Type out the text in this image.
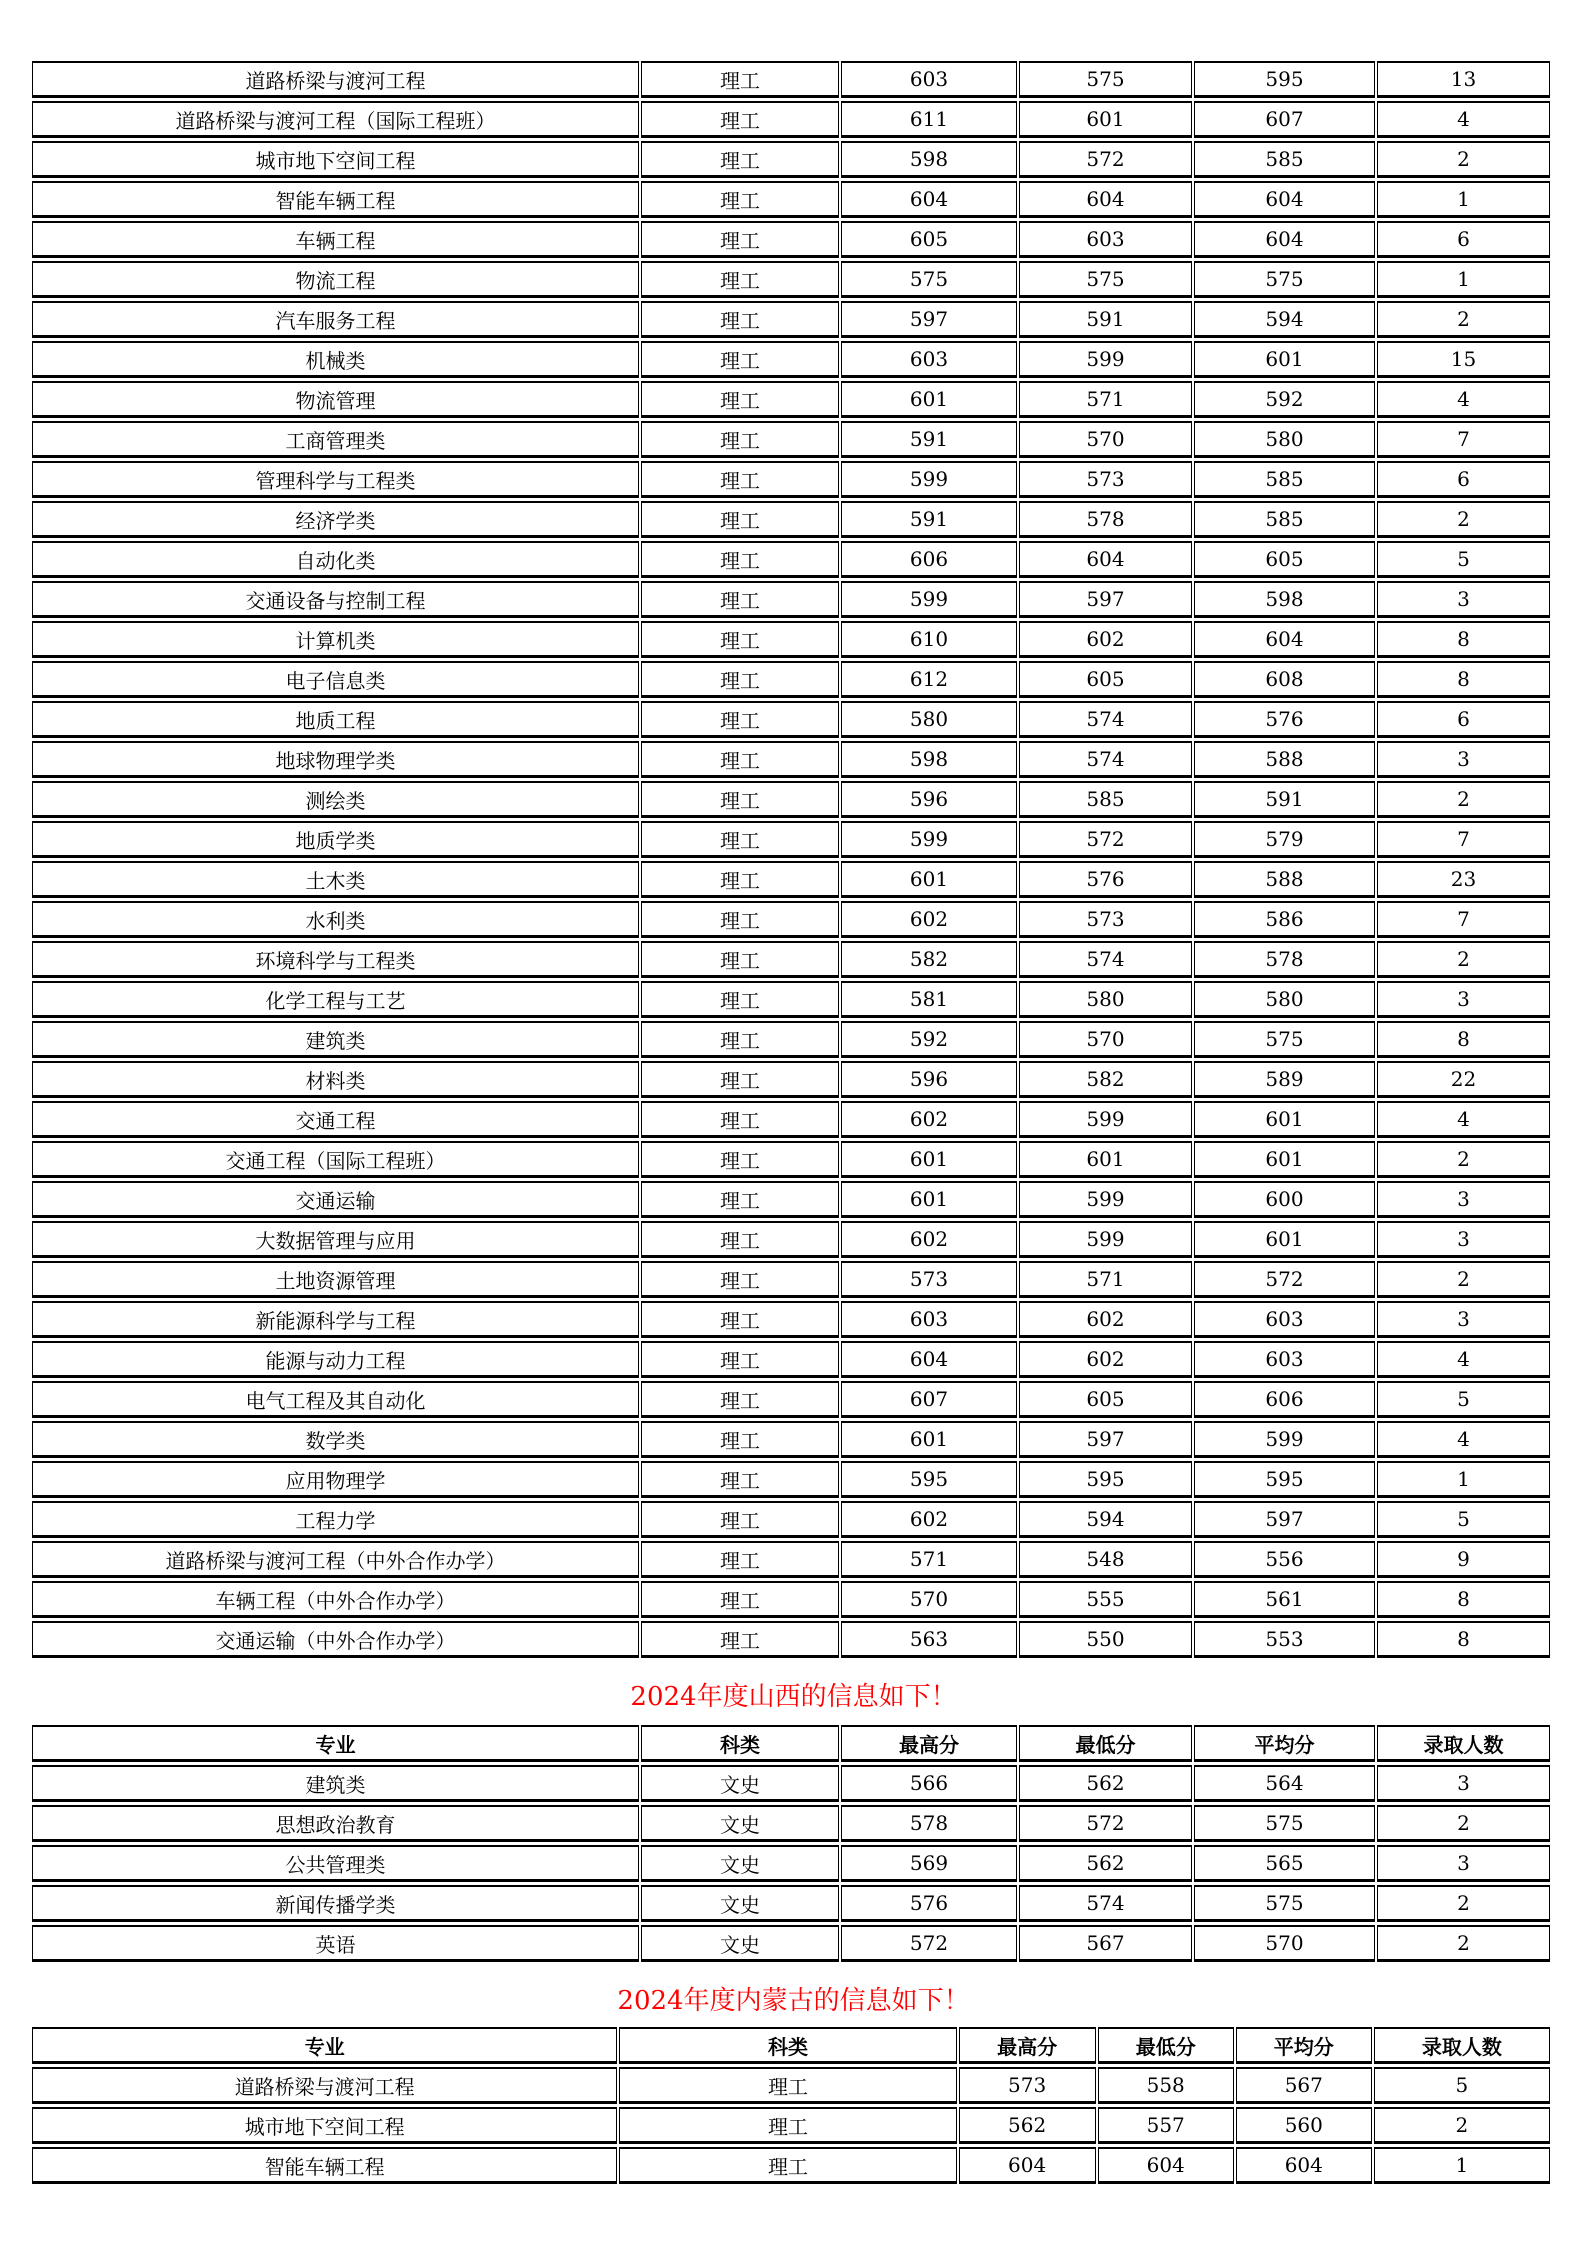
道路桥梁与渡河工程	理工	603	575	595	13
道路桥梁与渡河工程（国际工程班）	理工	611	601	607	4
城市地下空间工程	理工	598	572	585	2
智能车辆工程	理工	604	604	604	1
车辆工程	理工	605	603	604	6
物流工程	理工	575	575	575	1
汽车服务工程	理工	597	591	594	2
机械类	理工	603	599	601	15
物流管理	理工	601	571	592	4
工商管理类	理工	591	570	580	7
管理科学与工程类	理工	599	573	585	6
经济学类	理工	591	578	585	2
自动化类	理工	606	604	605	5
交通设备与控制工程	理工	599	597	598	3
计算机类	理工	610	602	604	8
电子信息类	理工	612	605	608	8
地质工程	理工	580	574	576	6
地球物理学类	理工	598	574	588	3
测绘类	理工	596	585	591	2
地质学类	理工	599	572	579	7
土木类	理工	601	576	588	23
水利类	理工	602	573	586	7
环境科学与工程类	理工	582	574	578	2
化学工程与工艺	理工	581	580	580	3
建筑类	理工	592	570	575	8
材料类	理工	596	582	589	22
交通工程	理工	602	599	601	4
交通工程（国际工程班）	理工	601	601	601	2
交通运输	理工	601	599	600	3
大数据管理与应用	理工	602	599	601	3
土地资源管理	理工	573	571	572	2
新能源科学与工程	理工	603	602	603	3
能源与动力工程	理工	604	602	603	4
电气工程及其自动化	理工	607	605	606	5
数学类	理工	601	597	599	4
应用物理学	理工	595	595	595	1
工程力学	理工	602	594	597	5
道路桥梁与渡河工程（中外合作办学）	理工	571	548	556	9
车辆工程（中外合作办学）	理工	570	555	561	8
交通运输（中外合作办学）	理工	563	550	553	8
2024年度山西的信息如下！
专业	科类	最高分	最低分	平均分	录取人数
建筑类	文史	566	562	564	3
思想政治教育	文史	578	572	575	2
公共管理类	文史	569	562	565	3
新闻传播学类	文史	576	574	575	2
英语	文史	572	567	570	2
2024年度内蒙古的信息如下！
专业	科类	最高分	最低分	平均分	录取人数
道路桥梁与渡河工程	理工	573	558	567	5
城市地下空间工程	理工	562	557	560	2
智能车辆工程	理工	604	604	604	1
